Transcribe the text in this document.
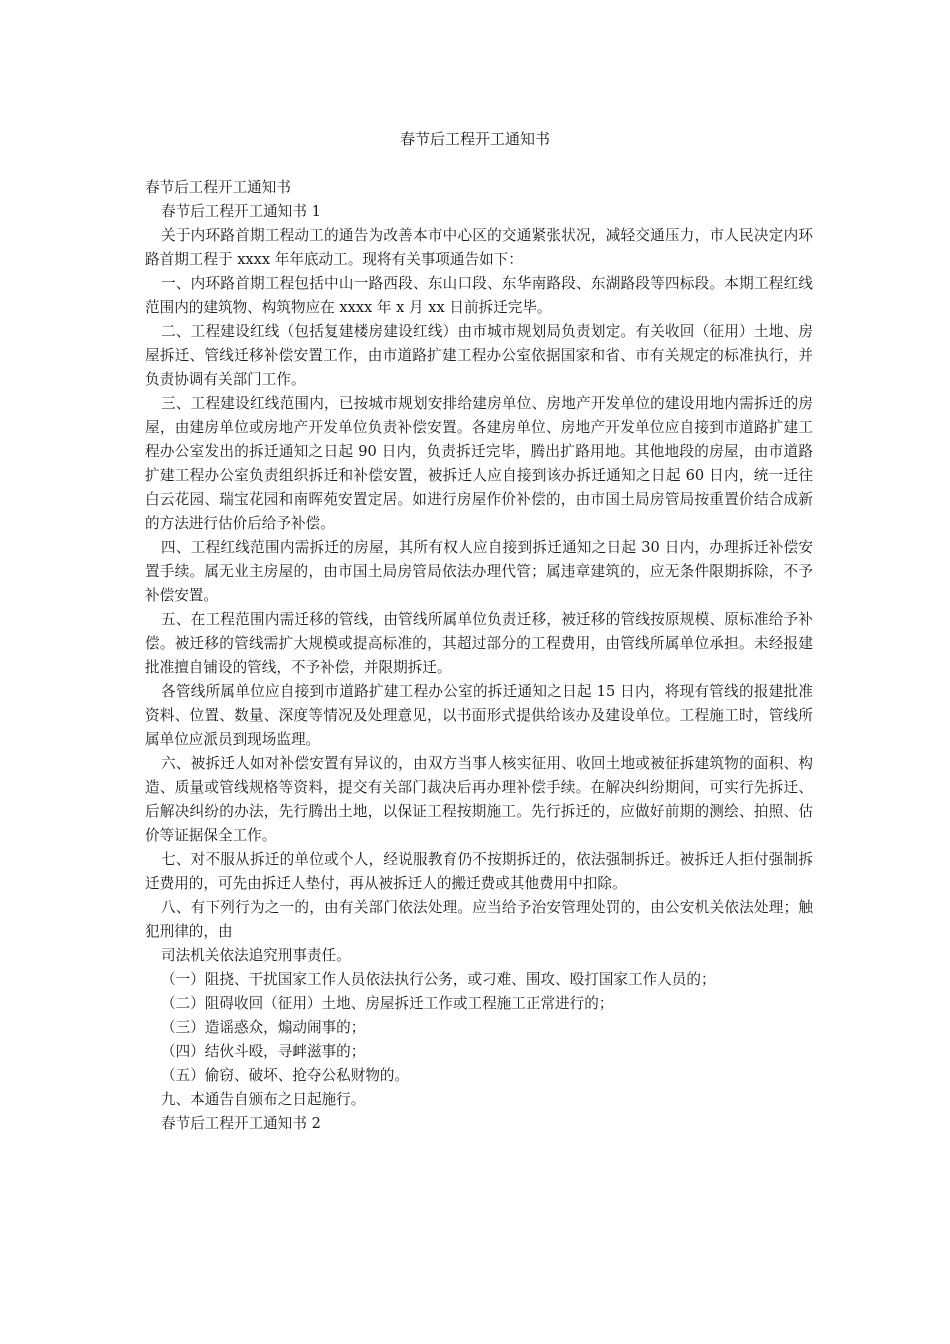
春节后工程开工通知书

春节后工程开工通知书

春节后工程开工通知书 1

关于内环路首期工程动工的通告为改善本市中心区的交通紧张状况，减轻交通压力，市人民决定内环路首期工程于 xxxx 年年底动工。现将有关事项通告如下：

一、内环路首期工程包括中山一路西段、东山口段、东华南路段、东湖路段等四标段。本期工程红线范围内的建筑物、构筑物应在 xxxx 年 x 月 xx 日前拆迁完毕。

二、工程建设红线（包括复建楼房建设红线）由市城市规划局负责划定。有关收回（征用）土地、房屋拆迁、管线迁移补偿安置工作，由市道路扩建工程办公室依据国家和省、市有关规定的标准执行，并负责协调有关部门工作。

三、工程建设红线范围内，已按城市规划安排给建房单位、房地产开发单位的建设用地内需拆迁的房屋，由建房单位或房地产开发单位负责补偿安置。各建房单位、房地产开发单位应自接到市道路扩建工程办公室发出的拆迁通知之日起 90 日内，负责拆迁完毕，腾出扩路用地。其他地段的房屋，由市道路扩建工程办公室负责组织拆迁和补偿安置，被拆迁人应自接到该办拆迁通知之日起 60 日内，统一迁往白云花园、瑞宝花园和南晖苑安置定居。如进行房屋作价补偿的，由市国土局房管局按重置价结合成新的方法进行估价后给予补偿。

四、工程红线范围内需拆迁的房屋，其所有权人应自接到拆迁通知之日起 30 日内，办理拆迁补偿安置手续。属无业主房屋的，由市国土局房管局依法办理代管；属违章建筑的，应无条件限期拆除，不予补偿安置。

五、在工程范围内需迁移的管线，由管线所属单位负责迁移，被迁移的管线按原规模、原标准给予补偿。被迁移的管线需扩大规模或提高标准的，其超过部分的工程费用，由管线所属单位承担。未经报建批准擅自铺设的管线，不予补偿，并限期拆迁。

各管线所属单位应自接到市道路扩建工程办公室的拆迁通知之日起 15 日内，将现有管线的报建批准资料、位置、数量、深度等情况及处理意见，以书面形式提供给该办及建设单位。工程施工时，管线所属单位应派员到现场监理。

六、被拆迁人如对补偿安置有异议的，由双方当事人核实征用、收回土地或被征拆建筑物的面积、构造、质量或管线规格等资料，提交有关部门裁决后再办理补偿手续。在解决纠纷期间，可实行先拆迁、后解决纠纷的办法，先行腾出土地，以保证工程按期施工。先行拆迁的，应做好前期的测绘、拍照、估价等证据保全工作。

七、对不服从拆迁的单位或个人，经说服教育仍不按期拆迁的，依法强制拆迁。被拆迁人拒付强制拆迁费用的，可先由拆迁人垫付，再从被拆迁人的搬迁费或其他费用中扣除。

八、有下列行为之一的，由有关部门依法处理。应当给予治安管理处罚的，由公安机关依法处理；触犯刑律的，由

司法机关依法追究刑事责任。

（一）阻挠、干扰国家工作人员依法执行公务，或刁难、围攻、殴打国家工作人员的；

（二）阻碍收回（征用）土地、房屋拆迁工作或工程施工正常进行的；

（三）造谣惑众，煽动闹事的；

（四）结伙斗殴，寻衅滋事的；

（五）偷窃、破坏、抢夺公私财物的。

九、本通告自颁布之日起施行。

春节后工程开工通知书 2
